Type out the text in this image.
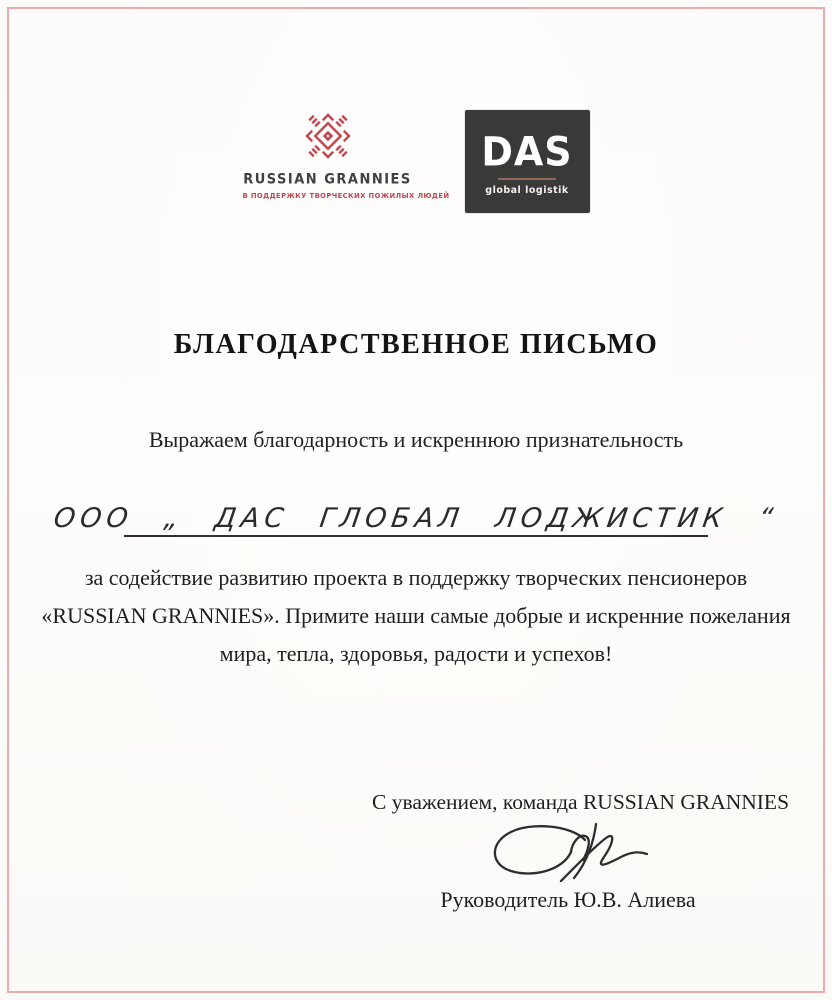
RUSSIAN GRANNIES
В ПОДДЕРЖКУ ТВОРЧЕСКИХ ПОЖИЛЫХ ЛЮДЕЙ
DAS
global logistik
БЛАГОДАРСТВЕННОЕ ПИСЬМО
Выражаем благодарность и искреннюю признательность
ООО „ ДАС ГЛОБАЛ ЛОДЖИСТИК “
за содействие развитию проекта в поддержку творческих пенсионеров
«RUSSIAN GRANNIES». Примите наши самые добрые и искренние пожелания
мира, тепла, здоровья, радости и успехов!
С уважением, команда RUSSIAN GRANNIES
Руководитель Ю.В. Алиева
